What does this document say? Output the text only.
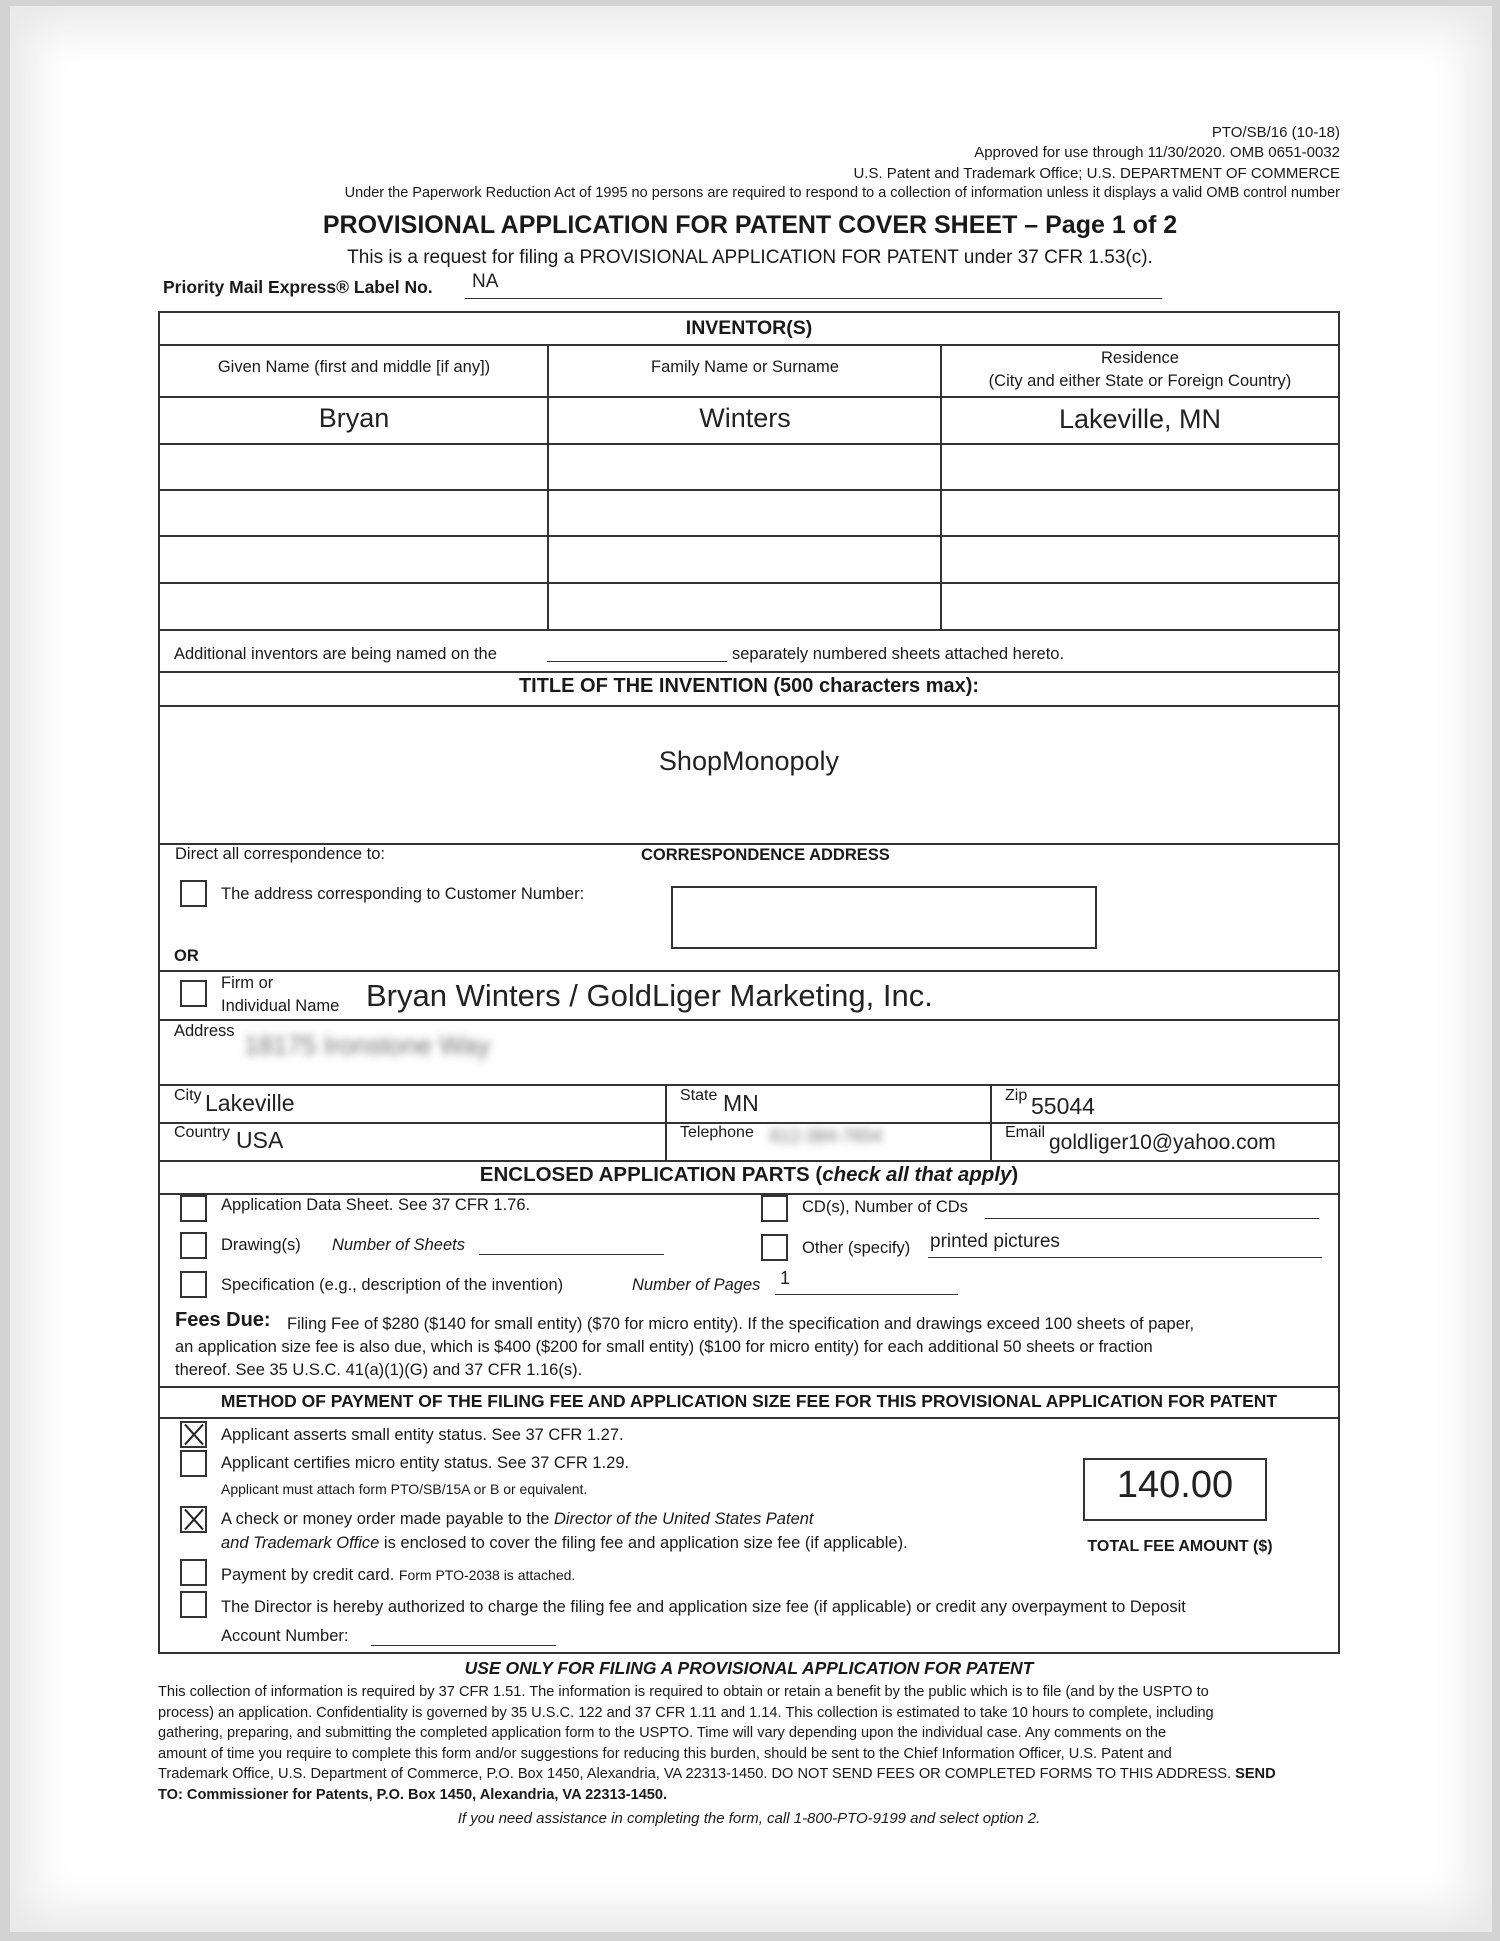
PTO/SB/16 (10-18)
Approved for use through 11/30/2020. OMB 0651-0032
U.S. Patent and Trademark Office; U.S. DEPARTMENT OF COMMERCE
Under the Paperwork Reduction Act of 1995 no persons are required to respond to a collection of information unless it displays a valid OMB control number
PROVISIONAL APPLICATION FOR PATENT COVER SHEET – Page 1 of 2
This is a request for filing a PROVISIONAL APPLICATION FOR PATENT under 37 CFR 1.53(c).
Priority Mail Express® Label No. NA
INVENTOR(S)
Given Name (first and middle [if any])	Family Name or Surname	Residence
(City and either State or Foreign Country)
Bryan	Winters	Lakeville, MN
Additional inventors are being named on the	separately numbered sheets attached hereto.
TITLE OF THE INVENTION (500 characters max):
ShopMonopoly
Direct all correspondence to:	CORRESPONDENCE ADDRESS
The address corresponding to Customer Number:
OR
Firm or
Individual Name Bryan Winters / GoldLiger Marketing, Inc.
Address 18175 Ironstone Way
City Lakeville	State MN	Zip 55044
Country USA	Telephone 612-384-7654	Email goldliger10@yahoo.com
ENCLOSED APPLICATION PARTS (check all that apply)
Application Data Sheet. See 37 CFR 1.76.	CD(s), Number of CDs
Drawing(s) Number of Sheets	Other (specify) printed pictures
Specification (e.g., description of the invention)	Number of Pages 1
Fees Due: Filing Fee of $280 ($140 for small entity) ($70 for micro entity). If the specification and drawings exceed 100 sheets of paper,
an application size fee is also due, which is $400 ($200 for small entity) ($100 for micro entity) for each additional 50 sheets or fraction
thereof. See 35 U.S.C. 41(a)(1)(G) and 37 CFR 1.16(s).
METHOD OF PAYMENT OF THE FILING FEE AND APPLICATION SIZE FEE FOR THIS PROVISIONAL APPLICATION FOR PATENT
Applicant asserts small entity status. See 37 CFR 1.27.
Applicant certifies micro entity status. See 37 CFR 1.29.
Applicant must attach form PTO/SB/15A or B or equivalent.
A check or money order made payable to the Director of the United States Patent
and Trademark Office is enclosed to cover the filing fee and application size fee (if applicable).
Payment by credit card. Form PTO-2038 is attached.
The Director is hereby authorized to charge the filing fee and application size fee (if applicable) or credit any overpayment to Deposit
Account Number:
140.00
TOTAL FEE AMOUNT ($)
USE ONLY FOR FILING A PROVISIONAL APPLICATION FOR PATENT
This collection of information is required by 37 CFR 1.51. The information is required to obtain or retain a benefit by the public which is to file (and by the USPTO to
process) an application. Confidentiality is governed by 35 U.S.C. 122 and 37 CFR 1.11 and 1.14. This collection is estimated to take 10 hours to complete, including
gathering, preparing, and submitting the completed application form to the USPTO. Time will vary depending upon the individual case. Any comments on the
amount of time you require to complete this form and/or suggestions for reducing this burden, should be sent to the Chief Information Officer, U.S. Patent and
Trademark Office, U.S. Department of Commerce, P.O. Box 1450, Alexandria, VA 22313-1450. DO NOT SEND FEES OR COMPLETED FORMS TO THIS ADDRESS. SEND
TO: Commissioner for Patents, P.O. Box 1450, Alexandria, VA 22313-1450.
If you need assistance in completing the form, call 1-800-PTO-9199 and select option 2.
